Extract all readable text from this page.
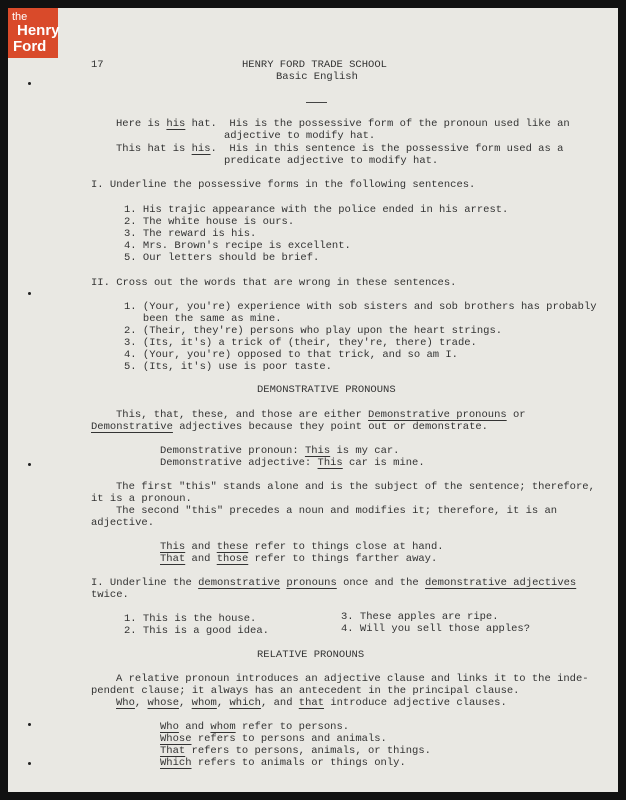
the
Henry
Ford
17	HENRY FORD TRADE SCHOOL
Basic English
Here is his hat.  His is the possessive form of the pronoun used like an
adjective to modify hat.
This hat is his.  His in this sentence is the possessive form used as a
predicate adjective to modify hat.
I. Underline the possessive forms in the following sentences.
1. His trajic appearance with the police ended in his arrest.
2. The white house is ours.
3. The reward is his.
4. Mrs. Brown's recipe is excellent.
5. Our letters should be brief.
II. Cross out the words that are wrong in these sentences.
1. (Your, you're) experience with sob sisters and sob brothers has probably
been the same as mine.
2. (Their, they're) persons who play upon the heart strings.
3. (Its, it's) a trick of (their, they're, there) trade.
4. (Your, you're) opposed to that trick, and so am I.
5. (Its, it's) use is poor taste.
DEMONSTRATIVE PRONOUNS
This, that, these, and those are either Demonstrative pronouns or
Demonstrative adjectives because they point out or demonstrate.
Demonstrative pronoun: This is my car.
Demonstrative adjective: This car is mine.
The first "this" stands alone and is the subject of the sentence; therefore,
it is a pronoun.
The second "this" precedes a noun and modifies it; therefore, it is an
adjective.
This and these refer to things close at hand.
That and those refer to things farther away.
I. Underline the demonstrative pronouns once and the demonstrative adjectives
twice.
1. This is the house.
2. This is a good idea.
3. These apples are ripe.
4. Will you sell those apples?
RELATIVE PRONOUNS
A relative pronoun introduces an adjective clause and links it to the inde-
pendent clause; it always has an antecedent in the principal clause.
Who, whose, whom, which, and that introduce adjective clauses.
Who and whom refer to persons.
Whose refers to persons and animals.
That refers to persons, animals, or things.
Which refers to animals or things only.
